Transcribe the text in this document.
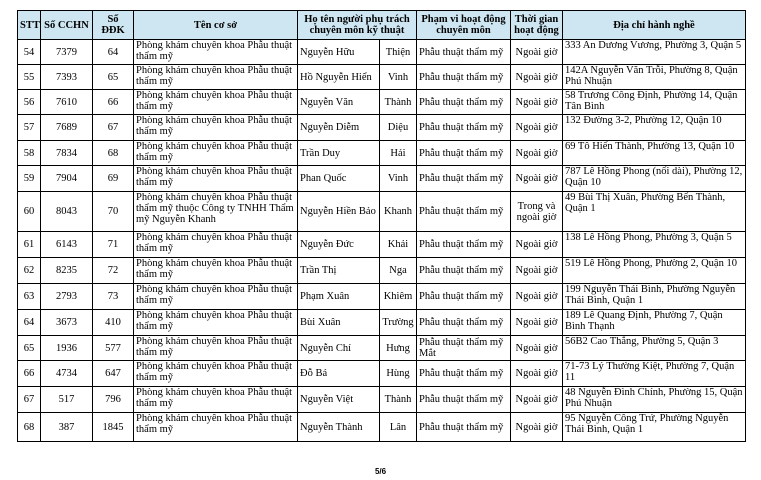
STT	Số CCHN	Số ĐĐK	Tên cơ sở	Họ tên người phụ trách chuyên môn kỹ thuật		Phạm vi hoạt động chuyên môn	Thời gian hoạt động	Địa chỉ hành nghề
54	7379	64	Phòng khám chuyên khoa Phẫu thuật thẩm mỹ	Nguyễn Hữu	Thiện	Phẫu thuật thẩm mỹ	Ngoài giờ	333 An Dương Vương, Phường 3, Quận 5
55	7393	65	Phòng khám chuyên khoa Phẫu thuật thẩm mỹ	Hồ Nguyễn Hiển	Vinh	Phẫu thuật thẩm mỹ	Ngoài giờ	142A Nguyễn Văn Trỗi, Phường 8, Quận Phú Nhuận
56	7610	66	Phòng khám chuyên khoa Phẫu thuật thẩm mỹ	Nguyễn Văn	Thành	Phẫu thuật thẩm mỹ	Ngoài giờ	58 Trương Công Định, Phường 14, Quận Tân Bình
57	7689	67	Phòng khám chuyên khoa Phẫu thuật thẩm mỹ	Nguyễn Diễm	Diệu	Phẫu thuật thẩm mỹ	Ngoài giờ	132 Đường 3-2, Phường 12, Quận 10
58	7834	68	Phòng khám chuyên khoa Phẫu thuật thẩm mỹ	Trần Duy	Hải	Phẫu thuật thẩm mỹ	Ngoài giờ	69 Tô Hiến Thành, Phường 13, Quận 10
59	7904	69	Phòng khám chuyên khoa Phẫu thuật thẩm mỹ	Phan Quốc	Vinh	Phẫu thuật thẩm mỹ	Ngoài giờ	787 Lê Hồng Phong (nối dài), Phường 12, Quận 10
60	8043	70	Phòng khám chuyên khoa Phẫu thuật thẩm mỹ thuộc Công ty TNHH Thẩm mỹ Nguyễn Khanh	Nguyễn Hiền Bảo	Khanh	Phẫu thuật thẩm mỹ	Trong và ngoài giờ	49 Bùi Thị Xuân, Phường Bến Thành, Quận 1
61	6143	71	Phòng khám chuyên khoa Phẫu thuật thẩm mỹ	Nguyễn Đức	Khải	Phẫu thuật thẩm mỹ	Ngoài giờ	138 Lê Hồng Phong, Phường 3, Quận 5
62	8235	72	Phòng khám chuyên khoa Phẫu thuật thẩm mỹ	Trần Thị	Nga	Phẫu thuật thẩm mỹ	Ngoài giờ	519 Lê Hồng Phong, Phường 2, Quận 10
63	2793	73	Phòng khám chuyên khoa Phẫu thuật thẩm mỹ	Phạm Xuân	Khiêm	Phẫu thuật thẩm mỹ	Ngoài giờ	199 Nguyễn Thái Bình, Phường Nguyễn Thái Bình, Quận 1
64	3673	410	Phòng khám chuyên khoa Phẫu thuật thẩm mỹ	Bùi Xuân	Trường	Phẫu thuật thẩm mỹ	Ngoài giờ	189 Lê Quang Định, Phường 7, Quận Bình Thạnh
65	1936	577	Phòng khám chuyên khoa Phẫu thuật thẩm mỹ	Nguyễn Chí	Hưng	Phẫu thuật thẩm mỹ Mắt	Ngoài giờ	56B2 Cao Thắng, Phường 5, Quận 3
66	4734	647	Phòng khám chuyên khoa Phẫu thuật thẩm mỹ	Đỗ Bá	Hùng	Phẫu thuật thẩm mỹ	Ngoài giờ	71-73 Lý Thường Kiệt, Phường 7, Quận 11
67	517	796	Phòng khám chuyên khoa Phẫu thuật thẩm mỹ	Nguyễn Việt	Thành	Phẫu thuật thẩm mỹ	Ngoài giờ	48 Nguyễn Đình Chính, Phường 15, Quận Phú Nhuận
68	387	1845	Phòng khám chuyên khoa Phẫu thuật thẩm mỹ	Nguyễn Thành	Lân	Phẫu thuật thẩm mỹ	Ngoài giờ	95 Nguyễn Công Trứ, Phường Nguyễn Thái Bình, Quận 1
5/6
